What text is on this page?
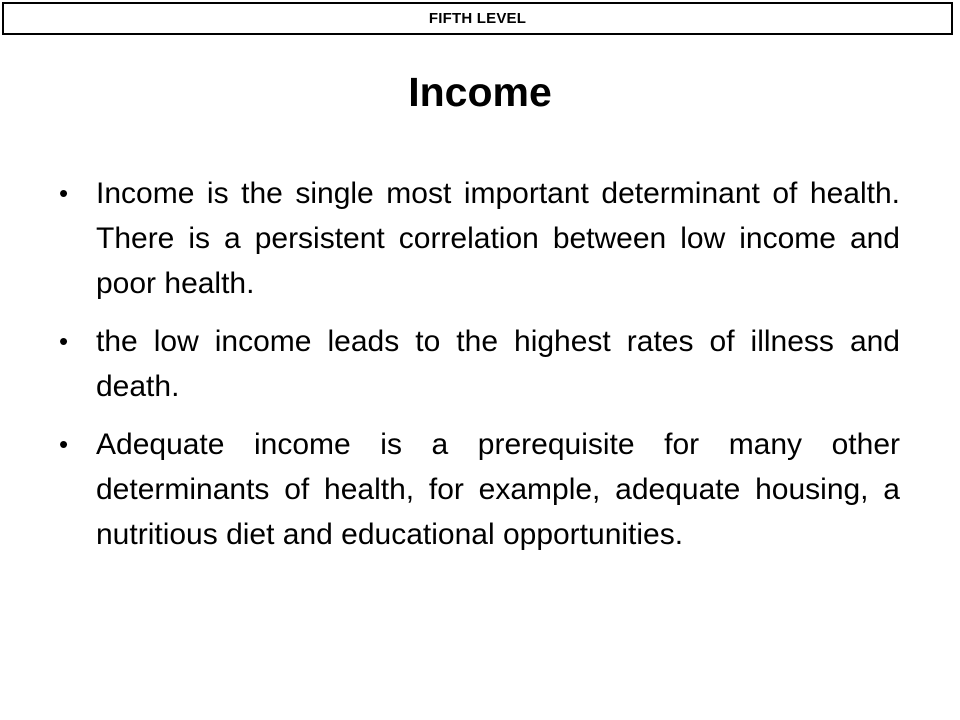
FIFTH LEVEL
Income
• Income is the single most important determinant of health. There is a persistent correlation between low income and poor health.
• the low income leads to the highest rates of illness and death.
• Adequate income is a prerequisite for many other determinants of health, for example, adequate housing, a nutritious diet and educational opportunities.
